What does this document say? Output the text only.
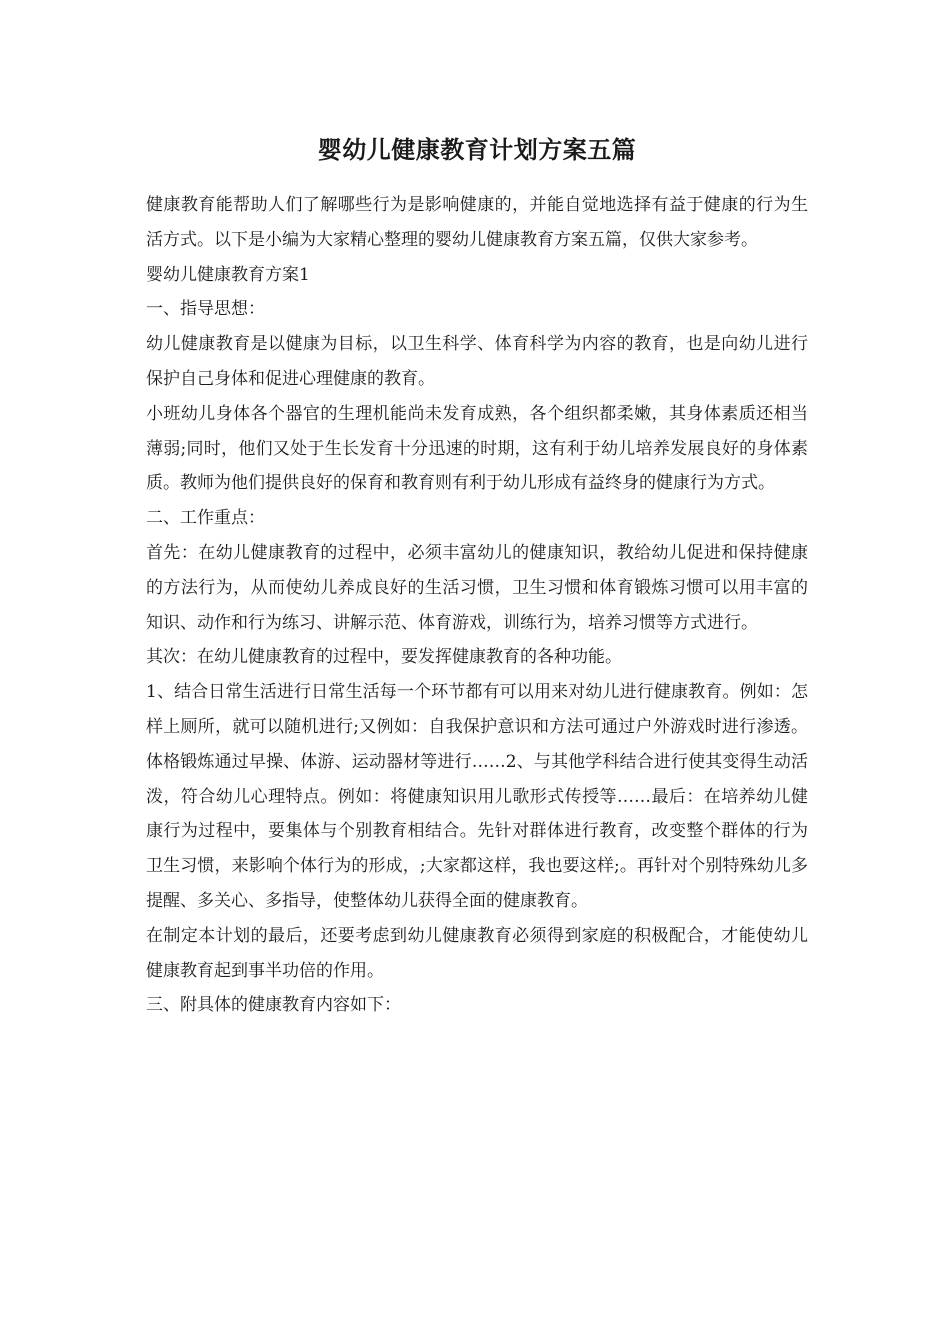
婴幼儿健康教育计划方案五篇

健康教育能帮助人们了解哪些行为是影响健康的，并能自觉地选择有益于健康的行为生活方式。以下是小编为大家精心整理的婴幼儿健康教育方案五篇，仅供大家参考。

婴幼儿健康教育方案1

一、指导思想：

幼儿健康教育是以健康为目标，以卫生科学、体育科学为内容的教育，也是向幼儿进行保护自己身体和促进心理健康的教育。

小班幼儿身体各个器官的生理机能尚未发育成熟，各个组织都柔嫩，其身体素质还相当薄弱;同时，他们又处于生长发育十分迅速的时期，这有利于幼儿培养发展良好的身体素质。教师为他们提供良好的保育和教育则有利于幼儿形成有益终身的健康行为方式。

二、工作重点：

首先：在幼儿健康教育的过程中，必须丰富幼儿的健康知识，教给幼儿促进和保持健康的方法行为，从而使幼儿养成良好的生活习惯，卫生习惯和体育锻炼习惯可以用丰富的知识、动作和行为练习、讲解示范、体育游戏，训练行为，培养习惯等方式进行。

其次：在幼儿健康教育的过程中，要发挥健康教育的各种功能。

1、结合日常生活进行日常生活每一个环节都有可以用来对幼儿进行健康教育。例如：怎样上厕所，就可以随机进行;又例如：自我保护意识和方法可通过户外游戏时进行渗透。体格锻炼通过早操、体游、运动器材等进行……2、与其他学科结合进行使其变得生动活泼，符合幼儿心理特点。例如：将健康知识用儿歌形式传授等……最后：在培养幼儿健康行为过程中，要集体与个别教育相结合。先针对群体进行教育，改变整个群体的行为卫生习惯，来影响个体行为的形成，;大家都这样，我也要这样;。再针对个别特殊幼儿多提醒、多关心、多指导，使整体幼儿获得全面的健康教育。

在制定本计划的最后，还要考虑到幼儿健康教育必须得到家庭的积极配合，才能使幼儿健康教育起到事半功倍的作用。

三、附具体的健康教育内容如下：
